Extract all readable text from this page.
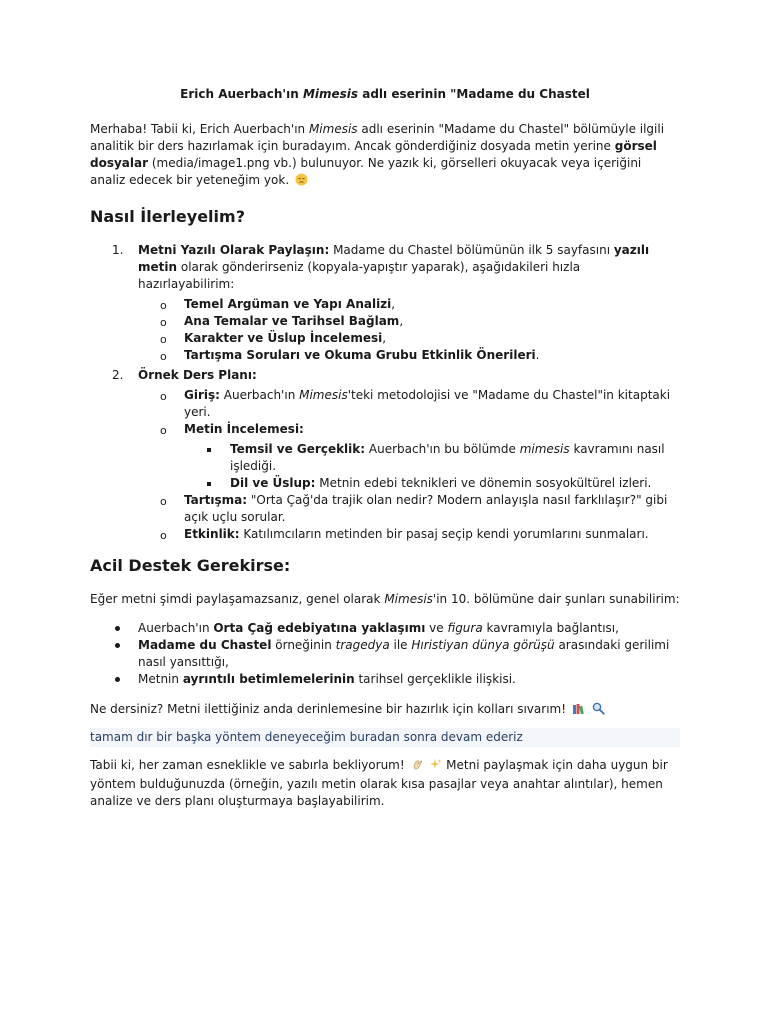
Erich Auerbach'ın Mimesis adlı eserinin "Madame du Chastel

Merhaba! Tabii ki, Erich Auerbach'ın Mimesis adlı eserinin "Madame du Chastel" bölümüyle ilgili analitik bir ders hazırlamak için buradayım. Ancak gönderdiğiniz dosyada metin yerine görsel dosyalar (media/image1.png vb.) bulunuyor. Ne yazık ki, görselleri okuyacak veya içeriğini analiz edecek bir yeteneğim yok.

Nasıl İlerleyelim?
1. Metni Yazılı Olarak Paylaşın: Madame du Chastel bölümünün ilk 5 sayfasını yazılı metin olarak gönderirseniz (kopyala-yapıştır yaparak), aşağıdakileri hızla hazırlayabilirim:
o Temel Argüman ve Yapı Analizi,
o Ana Temalar ve Tarihsel Bağlam,
o Karakter ve Üslup İncelemesi,
o Tartışma Soruları ve Okuma Grubu Etkinlik Önerileri.
2. Örnek Ders Planı:
o Giriş: Auerbach'ın Mimesis'teki metodolojisi ve "Madame du Chastel"in kitaptaki yeri.
o Metin İncelemesi:
Temsil ve Gerçeklik: Auerbach'ın bu bölümde mimesis kavramını nasıl işlediği.
Dil ve Üslup: Metnin edebi teknikleri ve dönemin sosyokültürel izleri.
o Tartışma: "Orta Çağ'da trajik olan nedir? Modern anlayışla nasıl farklılaşır?" gibi açık uçlu sorular.
o Etkinlik: Katılımcıların metinden bir pasaj seçip kendi yorumlarını sunmaları.
Acil Destek Gerekirse:

Eğer metni şimdi paylaşamazsanız, genel olarak Mimesis'in 10. bölümüne dair şunları sunabilirim:

Auerbach'ın Orta Çağ edebiyatına yaklaşımı ve figura kavramıyla bağlantısı,
Madame du Chastel örneğinin tragedya ile Hıristiyan dünya görüşü arasındaki gerilimi nasıl yansıttığı,
Metnin ayrıntılı betimlemelerinin tarihsel gerçeklikle ilişkisi.

Ne dersiniz? Metni ilettiğiniz anda derinlemesine bir hazırlık için kolları sıvarım!

tamam dır bir başka yöntem deneyeceğim buradan sonra devam ederiz

Tabii ki, her zaman esneklikle ve sabırla bekliyorum!	Metni paylaşmak için daha uygun bir yöntem bulduğunuzda (örneğin, yazılı metin olarak kısa pasajlar veya anahtar alıntılar), hemen analize ve ders planı oluşturmaya başlayabilirim.
